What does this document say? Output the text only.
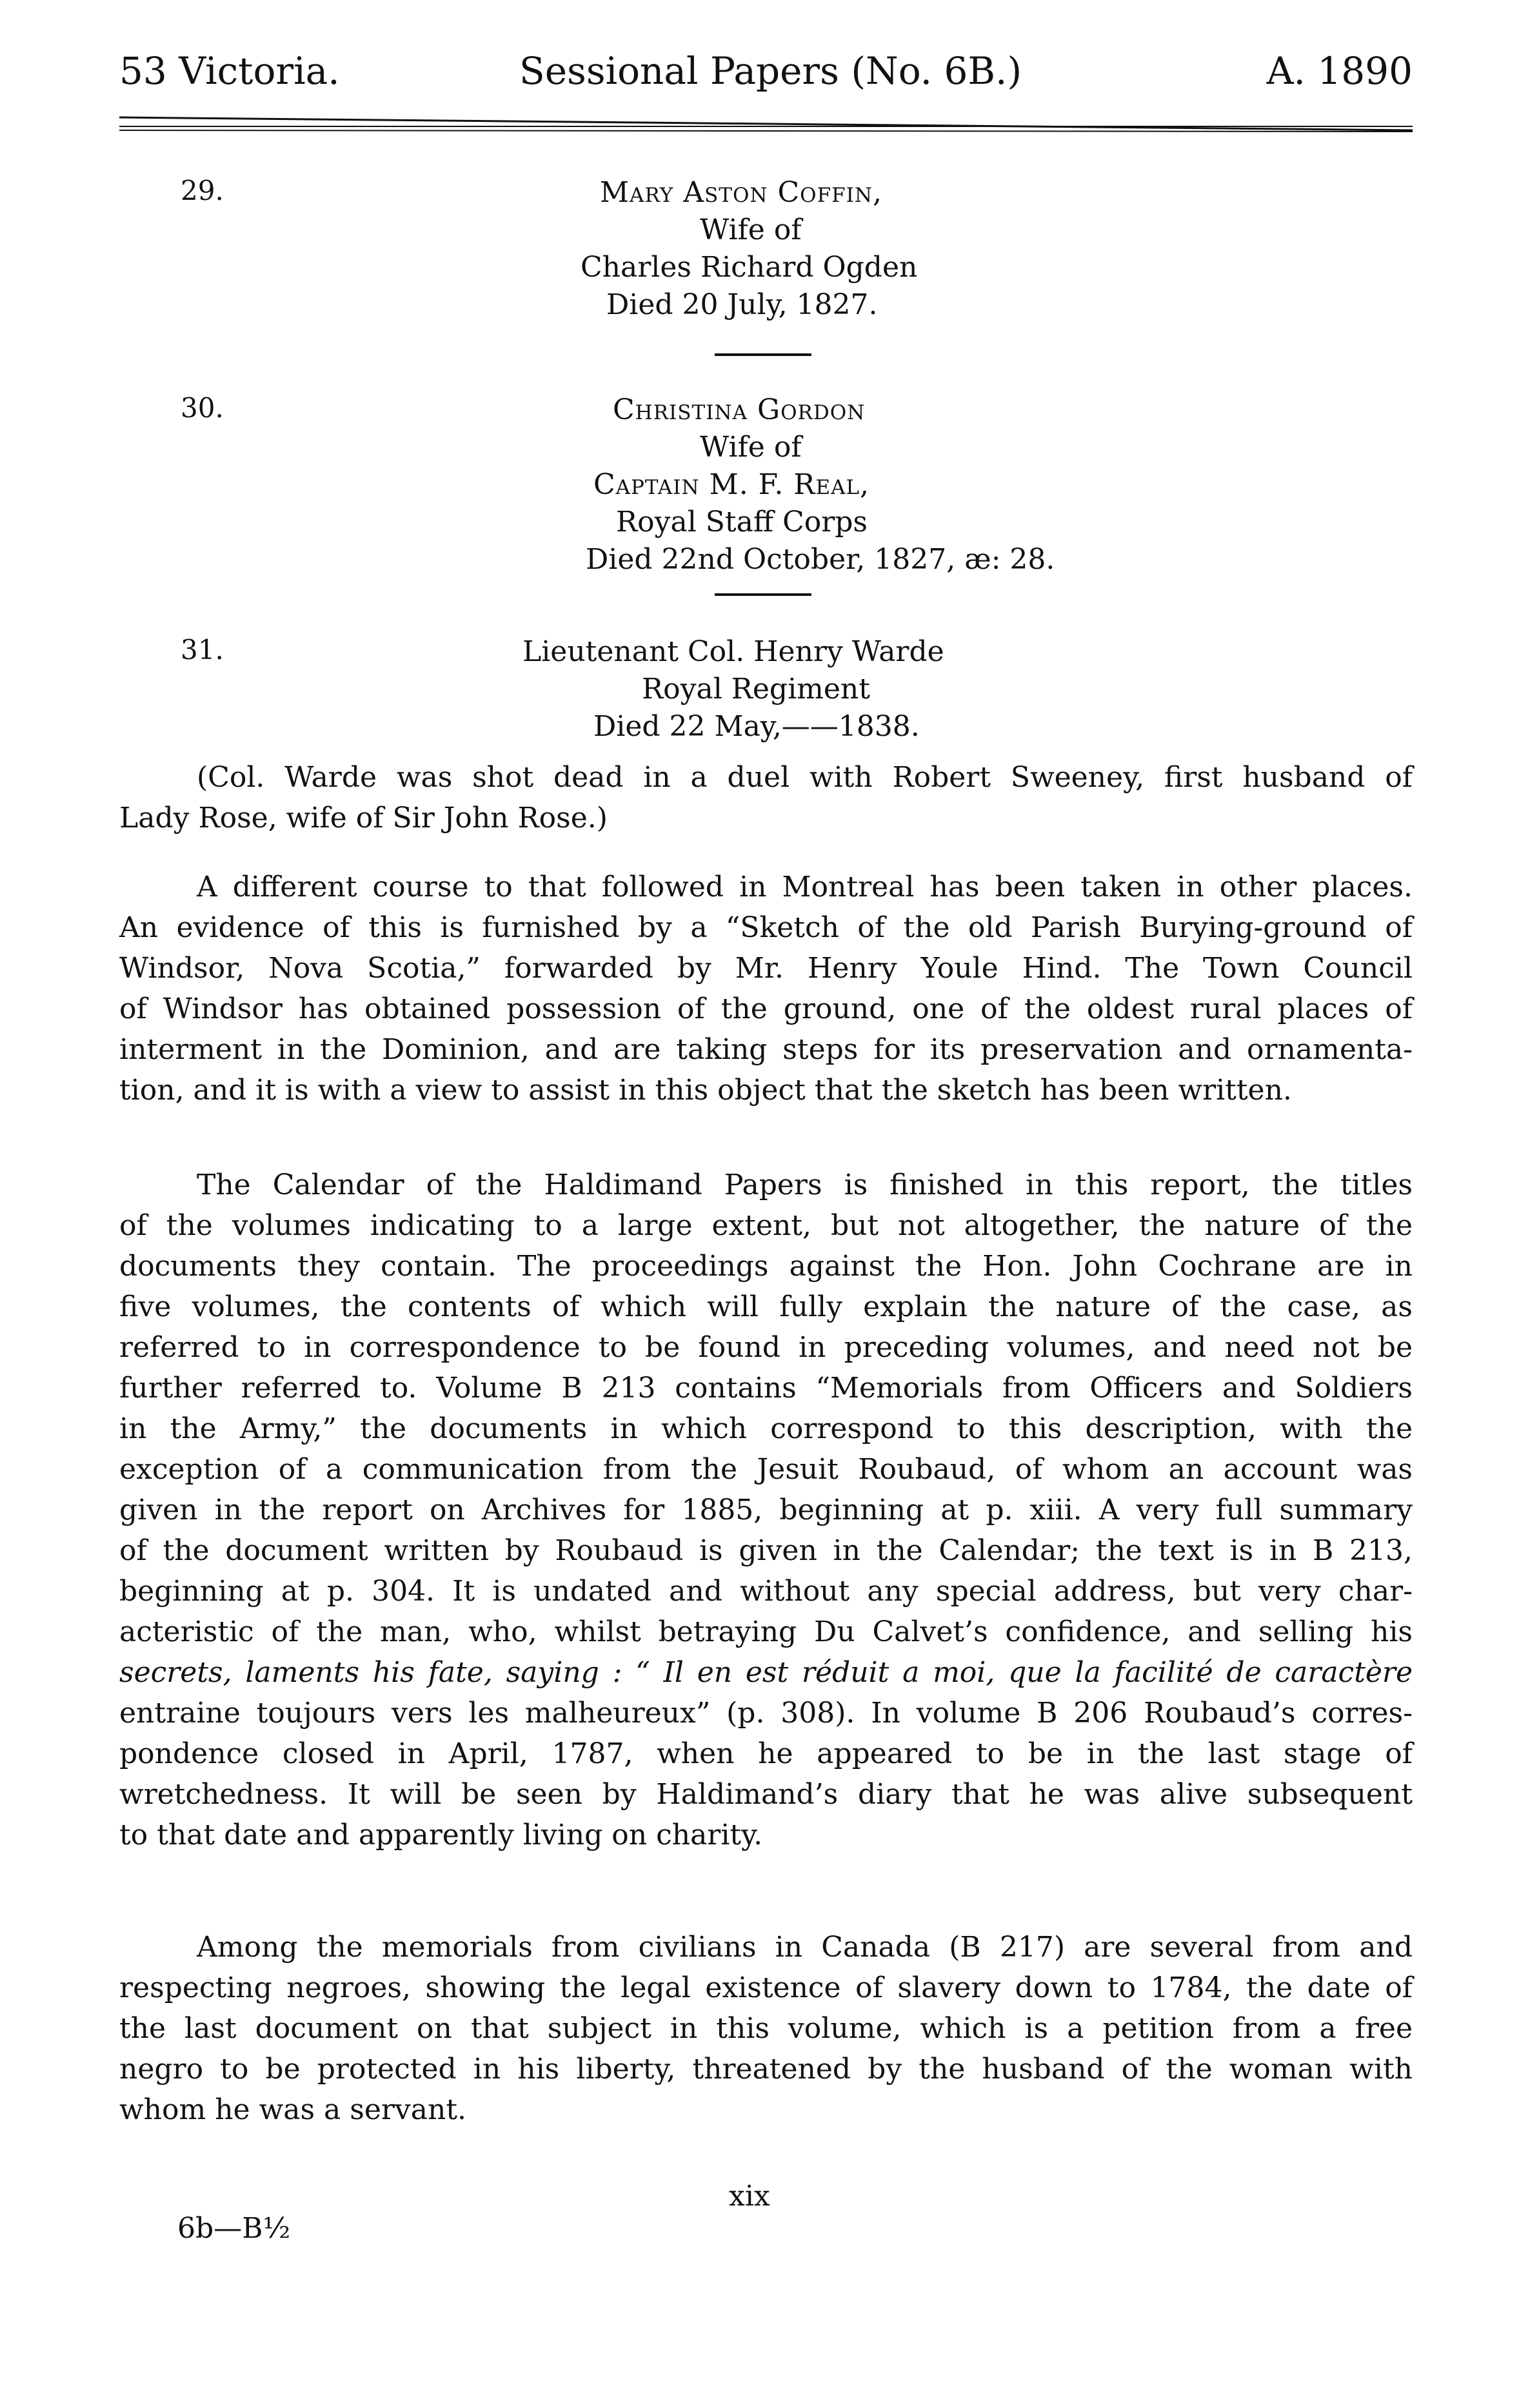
53 Victoria.	Sessional Papers (No. 6B.)	A. 1890
29.	Mary Aston Coffin,
Wife of
Charles Richard Ogden
Died 20 July, 1827.
30.	Christina Gordon
Wife of
Captain M. F. Real,
Royal Staff Corps
Died 22nd October, 1827, æ: 28.
31.	Lieutenant Col. Henry Warde
Royal Regiment
Died 22 May,——1838.
(Col. Warde was shot dead in a duel with Robert Sweeney, first husband of
Lady Rose, wife of Sir John Rose.)
A different course to that followed in Montreal has been taken in other places.
An evidence of this is furnished by a “Sketch of the old Parish Burying-ground of
Windsor, Nova Scotia,” forwarded by Mr. Henry Youle Hind. The Town Council
of Windsor has obtained possession of the ground, one of the oldest rural places of
interment in the Dominion, and are taking steps for its preservation and ornamenta-
tion, and it is with a view to assist in this object that the sketch has been written.
The Calendar of the Haldimand Papers is finished in this report, the titles
of the volumes indicating to a large extent, but not altogether, the nature of the
documents they contain. The proceedings against the Hon. John Cochrane are in
five volumes, the contents of which will fully explain the nature of the case, as
referred to in correspondence to be found in preceding volumes, and need not be
further referred to. Volume B 213 contains “Memorials from Officers and Soldiers
in the Army,” the documents in which correspond to this description, with the
exception of a communication from the Jesuit Roubaud, of whom an account was
given in the report on Archives for 1885, beginning at p. xiii. A very full summary
of the document written by Roubaud is given in the Calendar; the text is in B 213,
beginning at p. 304. It is undated and without any special address, but very char-
acteristic of the man, who, whilst betraying Du Calvet’s confidence, and selling his
secrets, laments his fate, saying : “ Il en est réduit a moi, que la facilité de caractère
entraine toujours vers les malheureux” (p. 308). In volume B 206 Roubaud’s corres-
pondence closed in April, 1787, when he appeared to be in the last stage of
wretchedness. It will be seen by Haldimand’s diary that he was alive subsequent
to that date and apparently living on charity.
Among the memorials from civilians in Canada (B 217) are several from and
respecting negroes, showing the legal existence of slavery down to 1784, the date of
the last document on that subject in this volume, which is a petition from a free
negro to be protected in his liberty, threatened by the husband of the woman with
whom he was a servant.
xix
6b—B½
